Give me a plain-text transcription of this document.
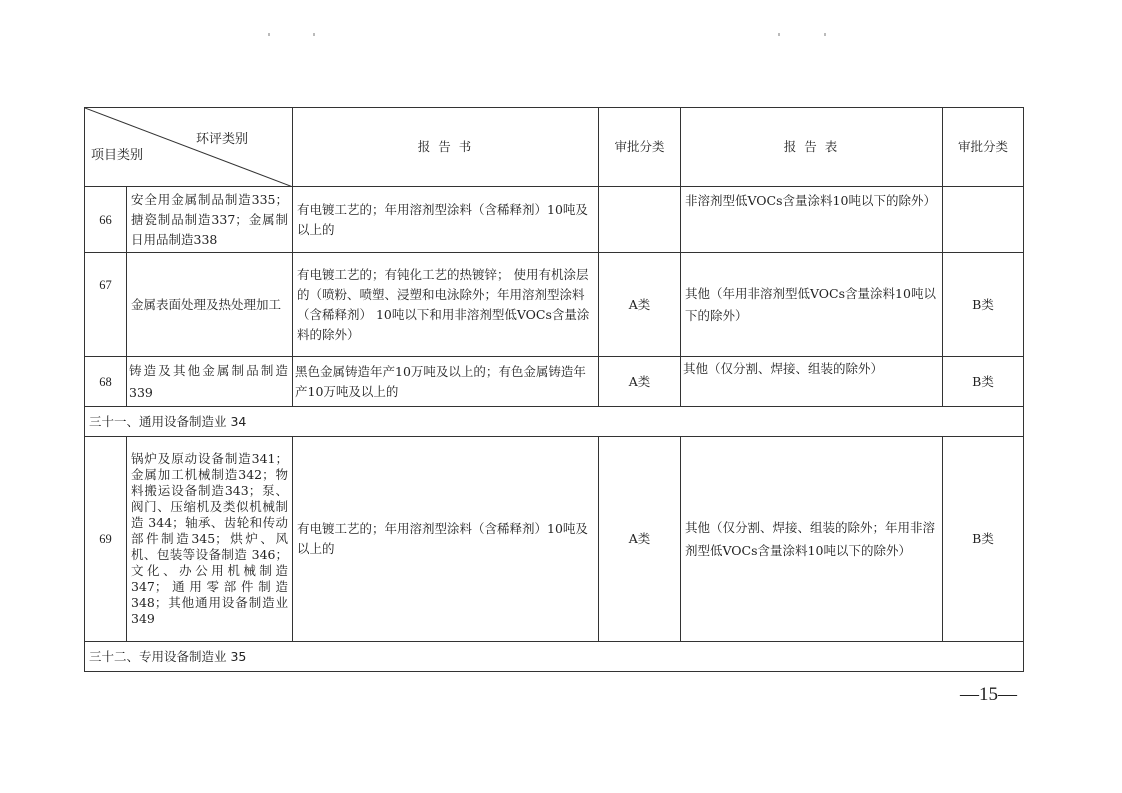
环评类别
项目类别		报 告 书	审批分类	报 告 表	审批分类
66	安全用金属制品制造335；搪瓷制品制造337；金属制日用品制造338	有电镀工艺的；年用溶剂型涂料（含稀释剂）10吨及以上的		非溶剂型低VOCs含量涂料10吨以下的除外）	
67	金属表面处理及热处理加工	有电镀工艺的；有钝化工艺的热镀锌； 使用有机涂层的（喷粉、喷塑、浸塑和电泳除外；年用溶剂型涂料（含稀释剂） 10吨以下和用非溶剂型低VOCs含量涂料的除外）	A类	其他（年用非溶剂型低VOCs含量涂料10吨以下的除外）	B类
68	铸造及其他金属制品制造339	黑色金属铸造年产10万吨及以上的；有色金属铸造年产10万吨及以上的	A类	其他（仅分割、焊接、组装的除外）	B类
三十一、通用设备制造业 34					
69	锅炉及原动设备制造341；金属加工机械制造342；物料搬运设备制造343；泵、阀门、压缩机及类似机械制造 344；轴承、齿轮和传动部件制造345；烘炉、风机、包装等设备制造 346；文化、办公用机械制造347；通用零部件制造348；其他通用设备制造业 349	有电镀工艺的；年用溶剂型涂料（含稀释剂）10吨及以上的	A类	其他（仅分割、焊接、组装的除外；年用非溶剂型低VOCs含量涂料10吨以下的除外）	B类
三十二、专用设备制造业 35					
—15—
